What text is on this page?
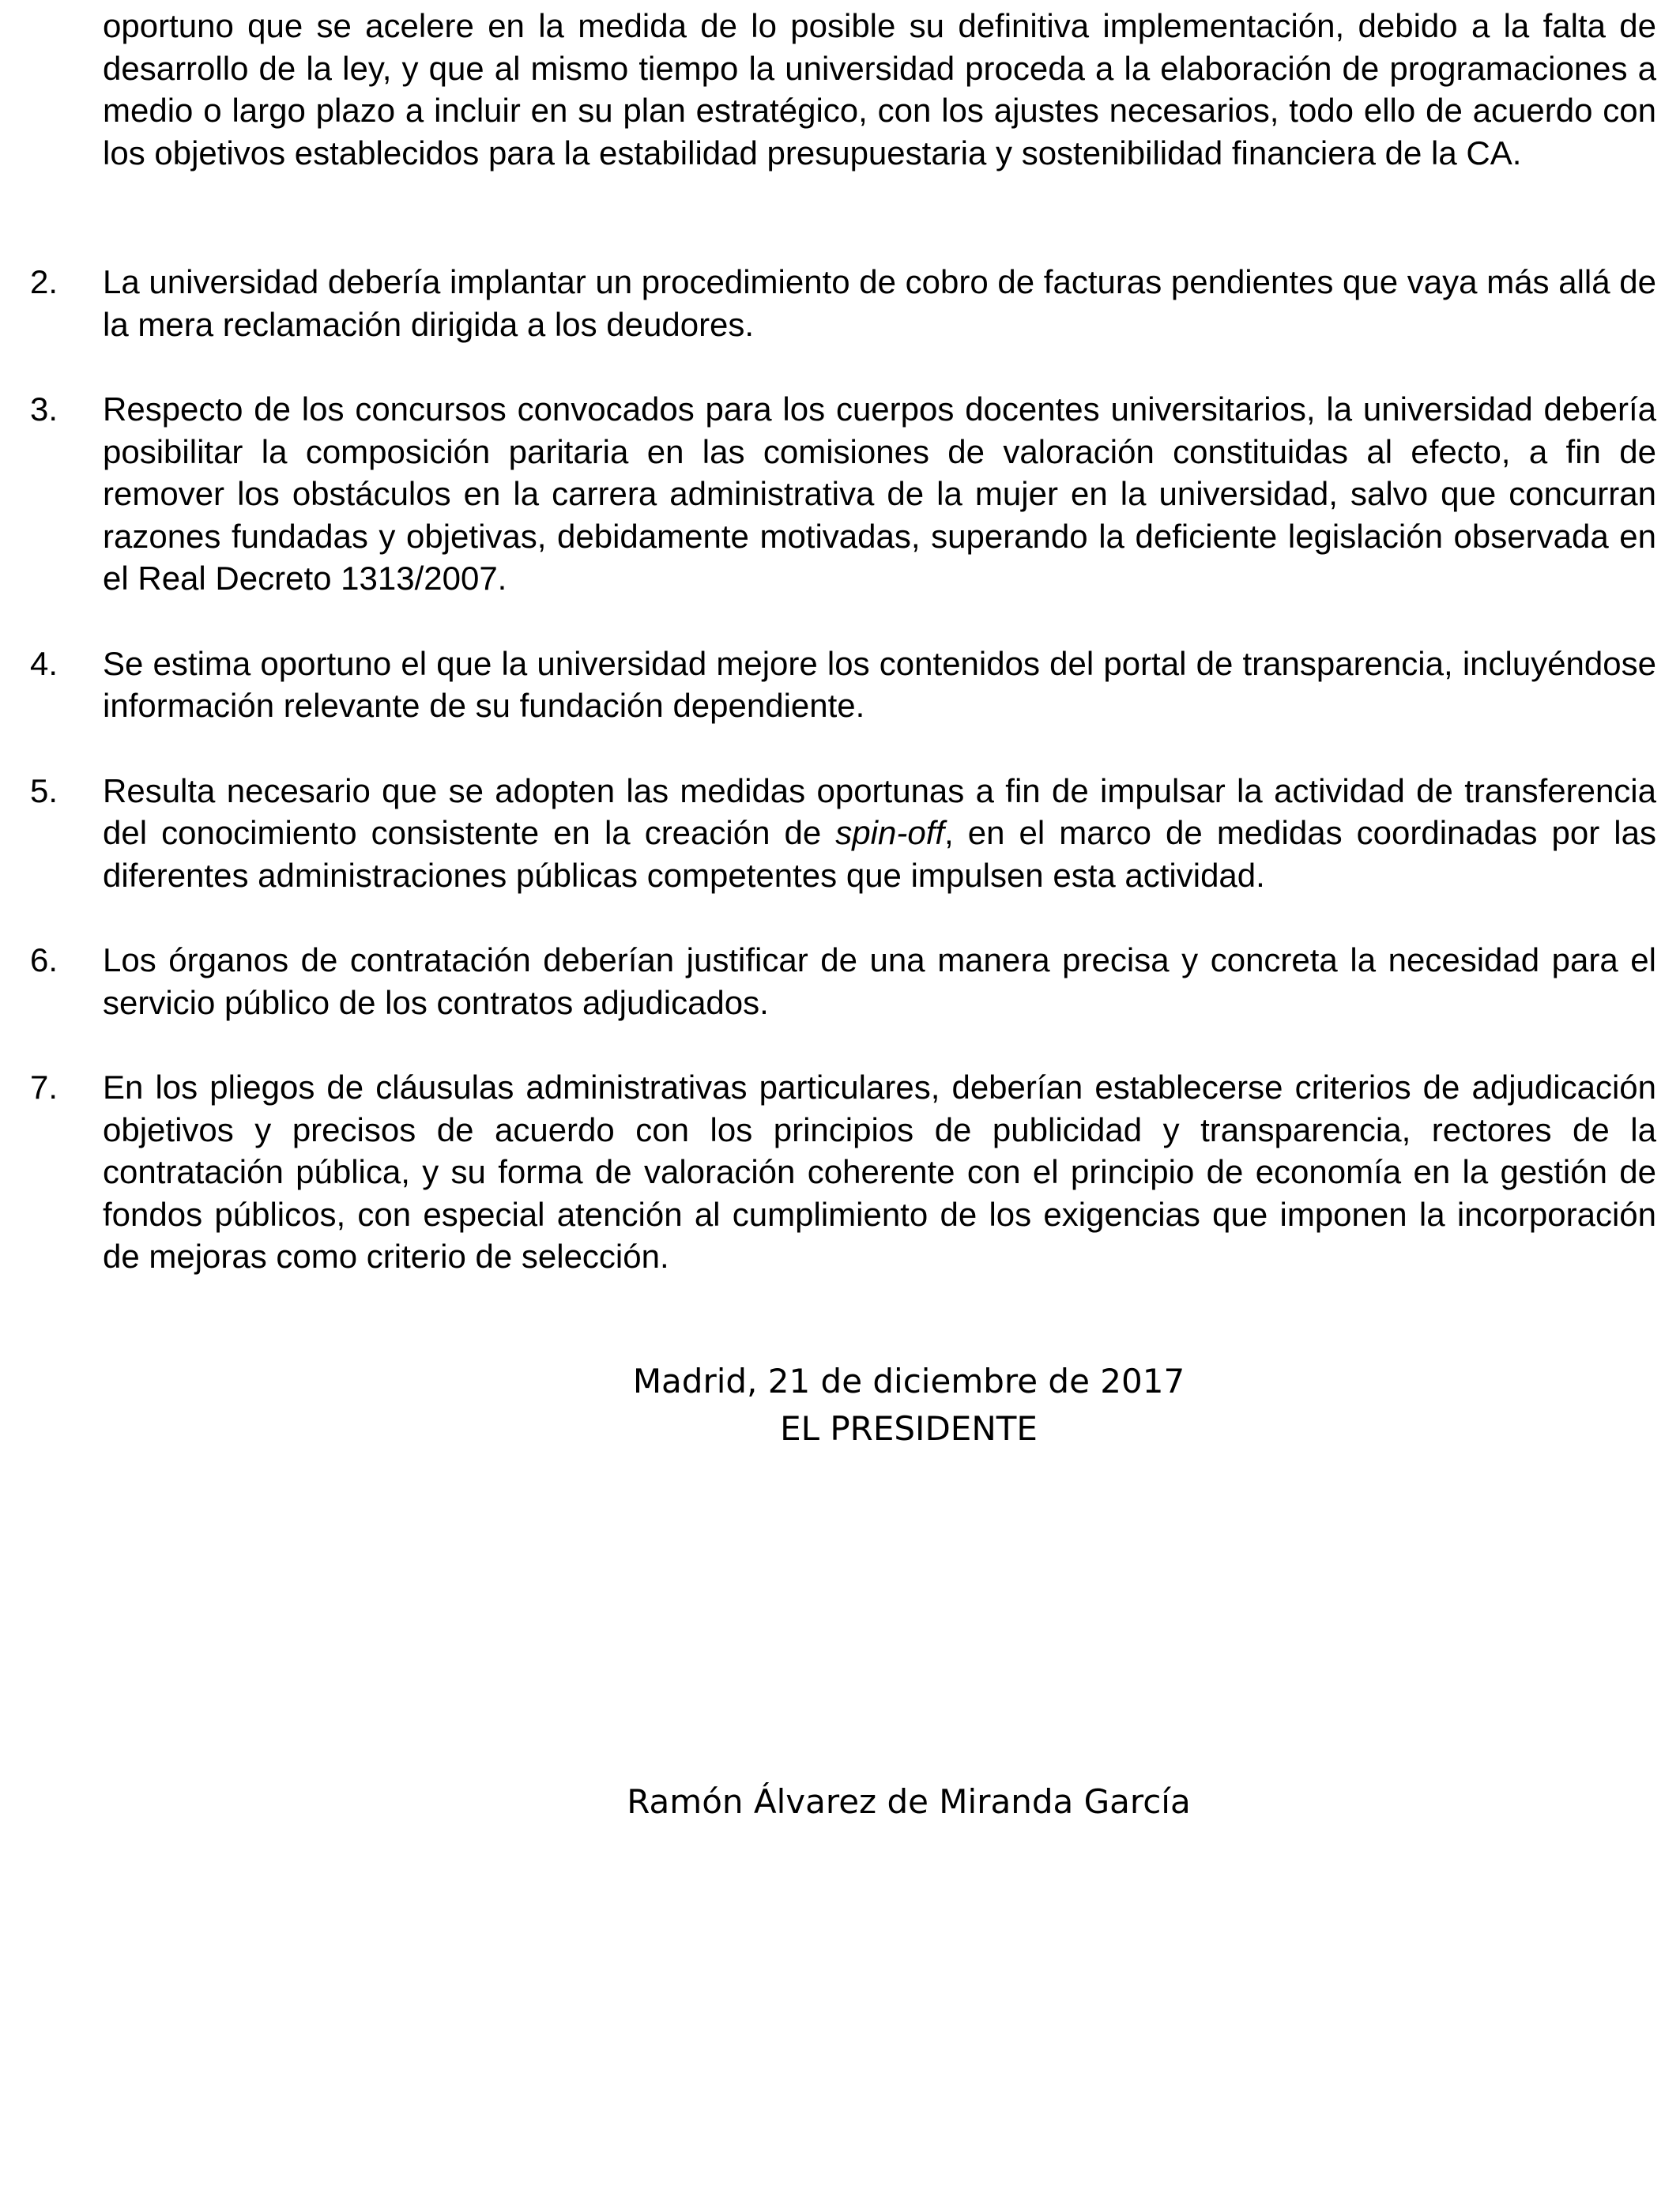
oportuno que se acelere en la medida de lo posible su definitiva implementación, debido a la falta de desarrollo de la ley, y que al mismo tiempo la universidad proceda a la elaboración de programaciones a medio o largo plazo a incluir en su plan estratégico, con los ajustes necesarios, todo ello de acuerdo con los objetivos establecidos para la estabilidad presupuestaria y sostenibilidad financiera de la CA.

2.	La universidad debería implantar un procedimiento de cobro de facturas pendientes que vaya más allá de la mera reclamación dirigida a los deudores.
3.	Respecto de los concursos convocados para los cuerpos docentes universitarios, la universidad debería posibilitar la composición paritaria en las comisiones de valoración constituidas al efecto, a fin de remover los obstáculos en la carrera administrativa de la mujer en la universidad, salvo que concurran razones fundadas y objetivas, debidamente motivadas, superando la deficiente legislación observada en el Real Decreto 1313/2007.
4.	Se estima oportuno el que la universidad mejore los contenidos del portal de transparencia, incluyéndose información relevante de su fundación dependiente.
5.	Resulta necesario que se adopten las medidas oportunas a fin de impulsar la actividad de transferencia del conocimiento consistente en la creación de spin-off, en el marco de medidas coordinadas por las diferentes administraciones públicas competentes que impulsen esta actividad.
6.	Los órganos de contratación deberían justificar de una manera precisa y concreta la necesidad para el servicio público de los contratos adjudicados.
7.	En los pliegos de cláusulas administrativas particulares, deberían establecerse criterios de adjudicación objetivos y precisos de acuerdo con los principios de publicidad y transparencia, rectores de la contratación pública, y su forma de valoración coherente con el principio de economía en la gestión de fondos públicos, con especial atención al cumplimiento de los exigencias que imponen la incorporación de mejoras como criterio de selección.

Madrid, 21 de diciembre de 2017

EL PRESIDENTE

Ramón Álvarez de Miranda García
